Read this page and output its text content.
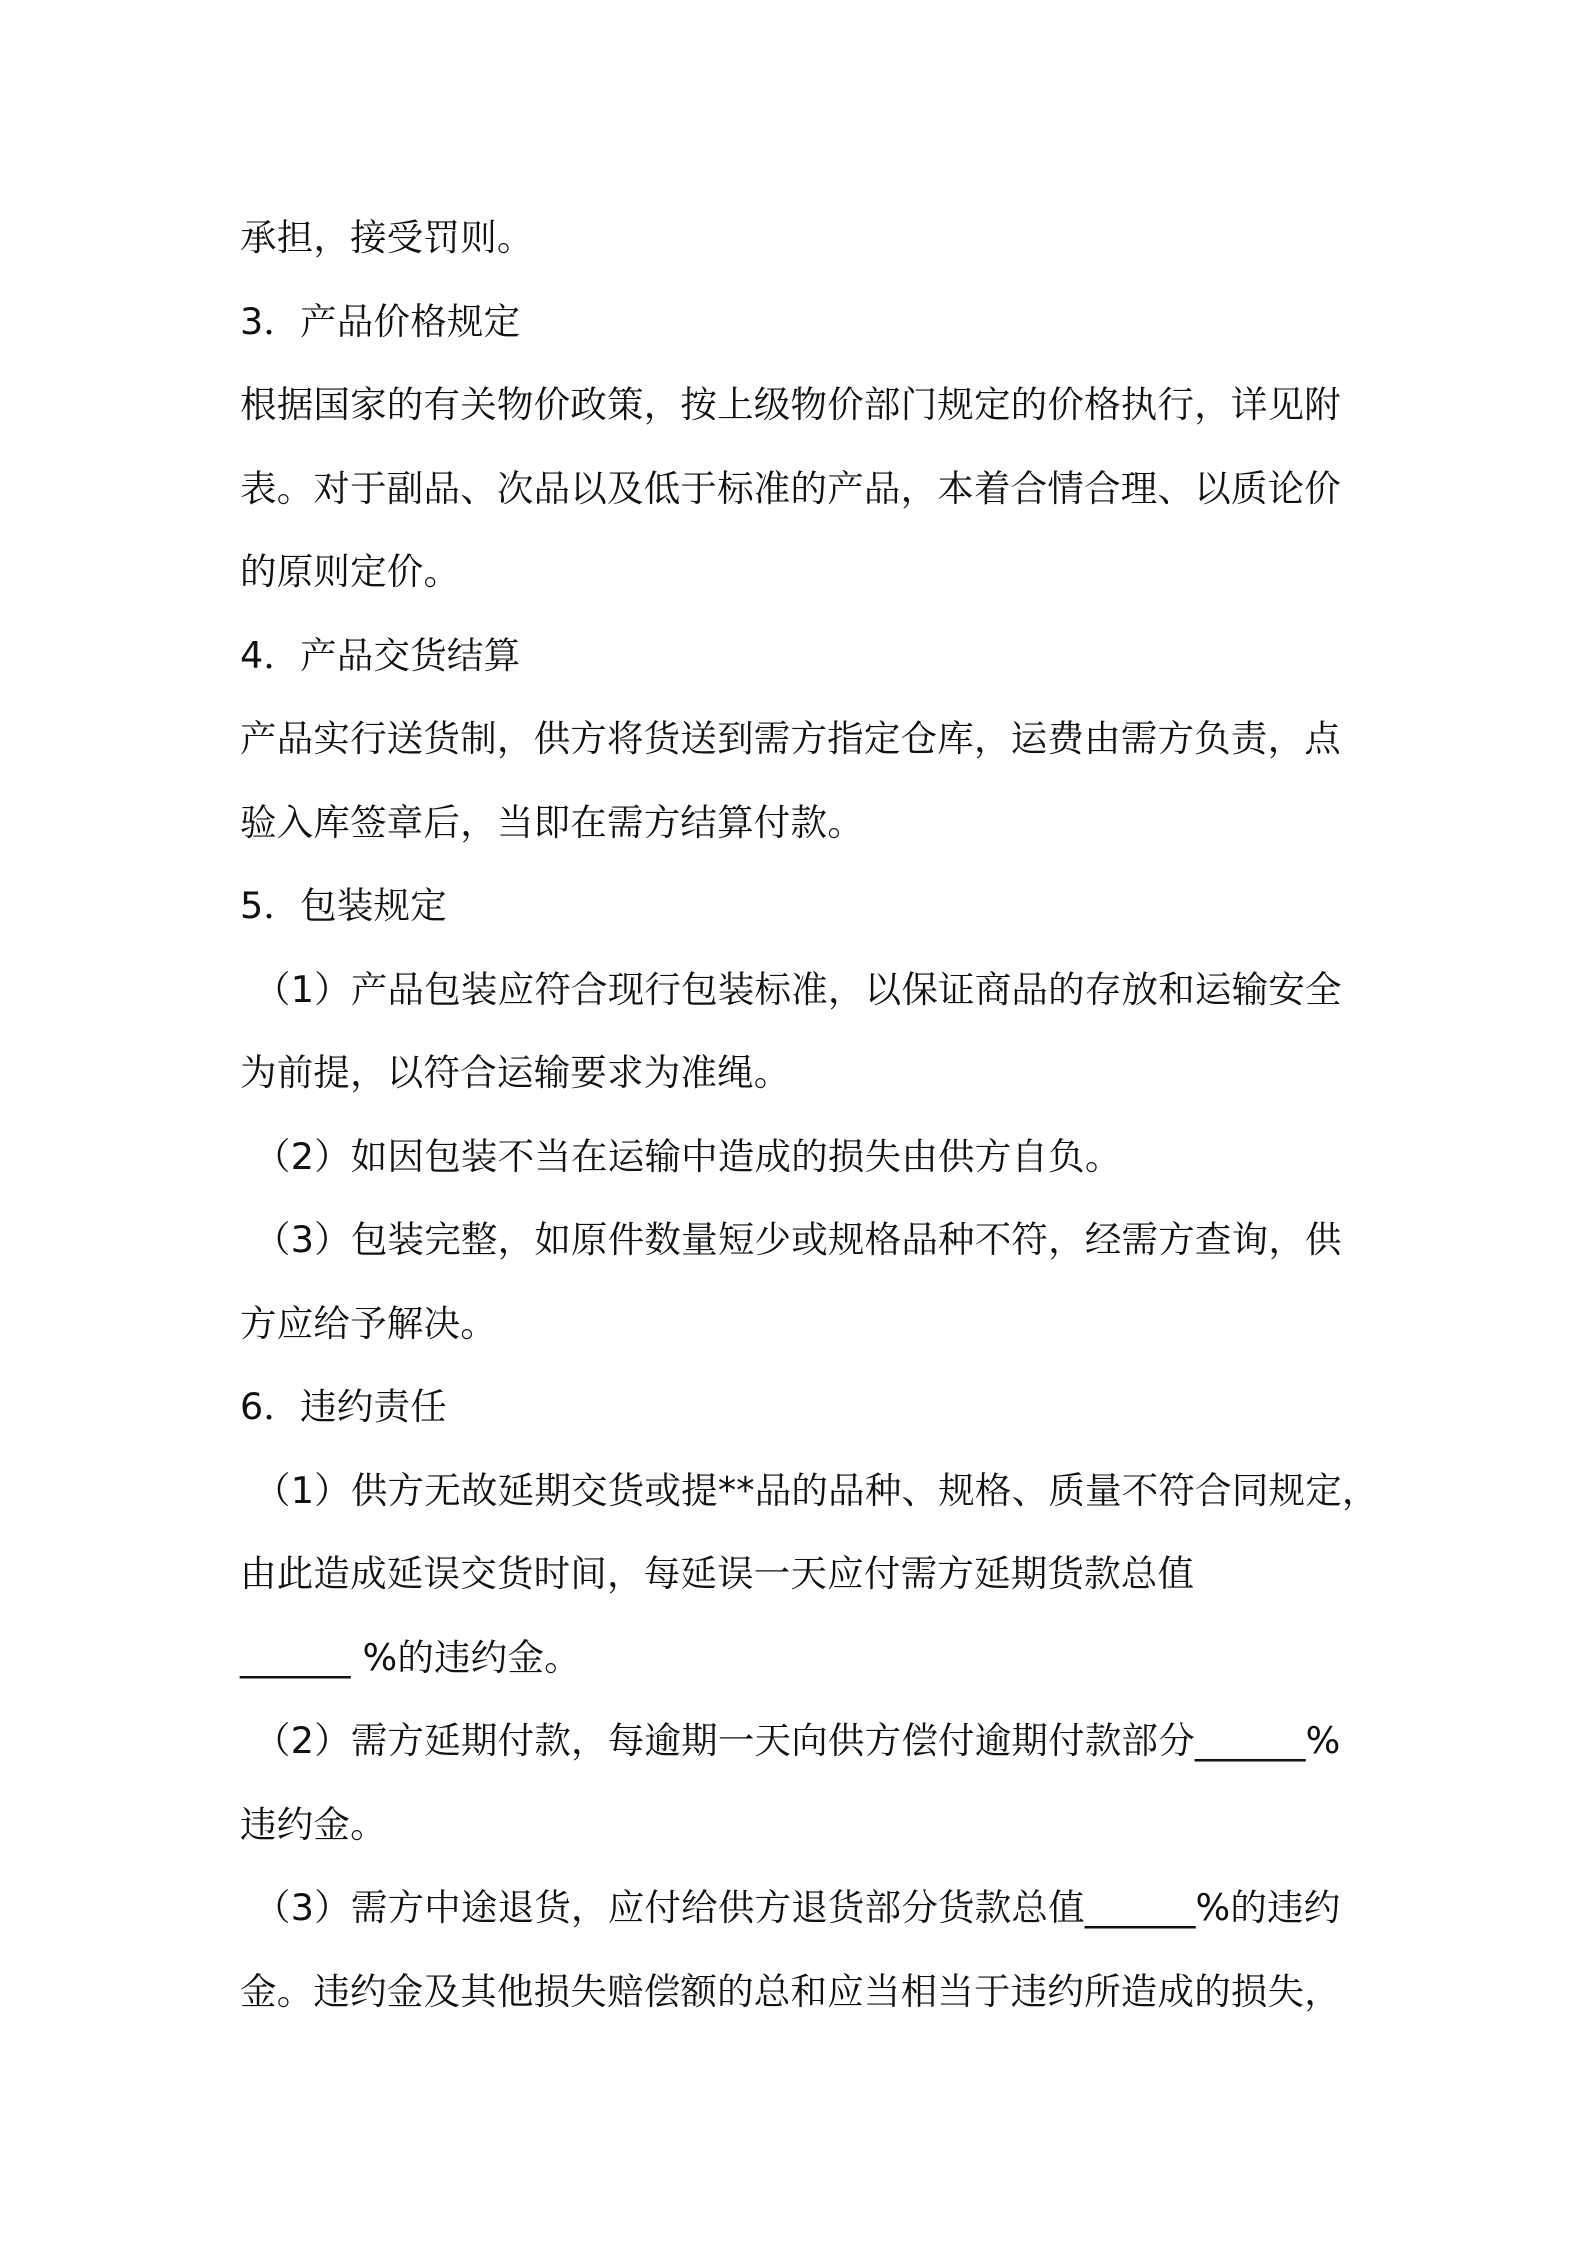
承担，接受罚则。

3．产品价格规定

根据国家的有关物价政策，按上级物价部门规定的价格执行，详见附

表。对于副品、次品以及低于标准的产品，本着合情合理、以质论价

的原则定价。

4．产品交货结算

产品实行送货制，供方将货送到需方指定仓库，运费由需方负责，点

验入库签章后，当即在需方结算付款。

5．包装规定

（1）产品包装应符合现行包装标准，以保证商品的存放和运输安全

为前提，以符合运输要求为准绳。

（2）如因包装不当在运输中造成的损失由供方自负。

（3）包装完整，如原件数量短少或规格品种不符，经需方查询，供

方应给予解决。

6．违约责任

（1）供方无故延期交货或提**品的品种、规格、质量不符合同规定，

由此造成延误交货时间，每延误一天应付需方延期货款总值

______ %的违约金。

（2）需方延期付款，每逾期一天向供方偿付逾期付款部分______%

违约金。

（3）需方中途退货，应付给供方退货部分货款总值______%的违约

金。违约金及其他损失赔偿额的总和应当相当于违约所造成的损失，
